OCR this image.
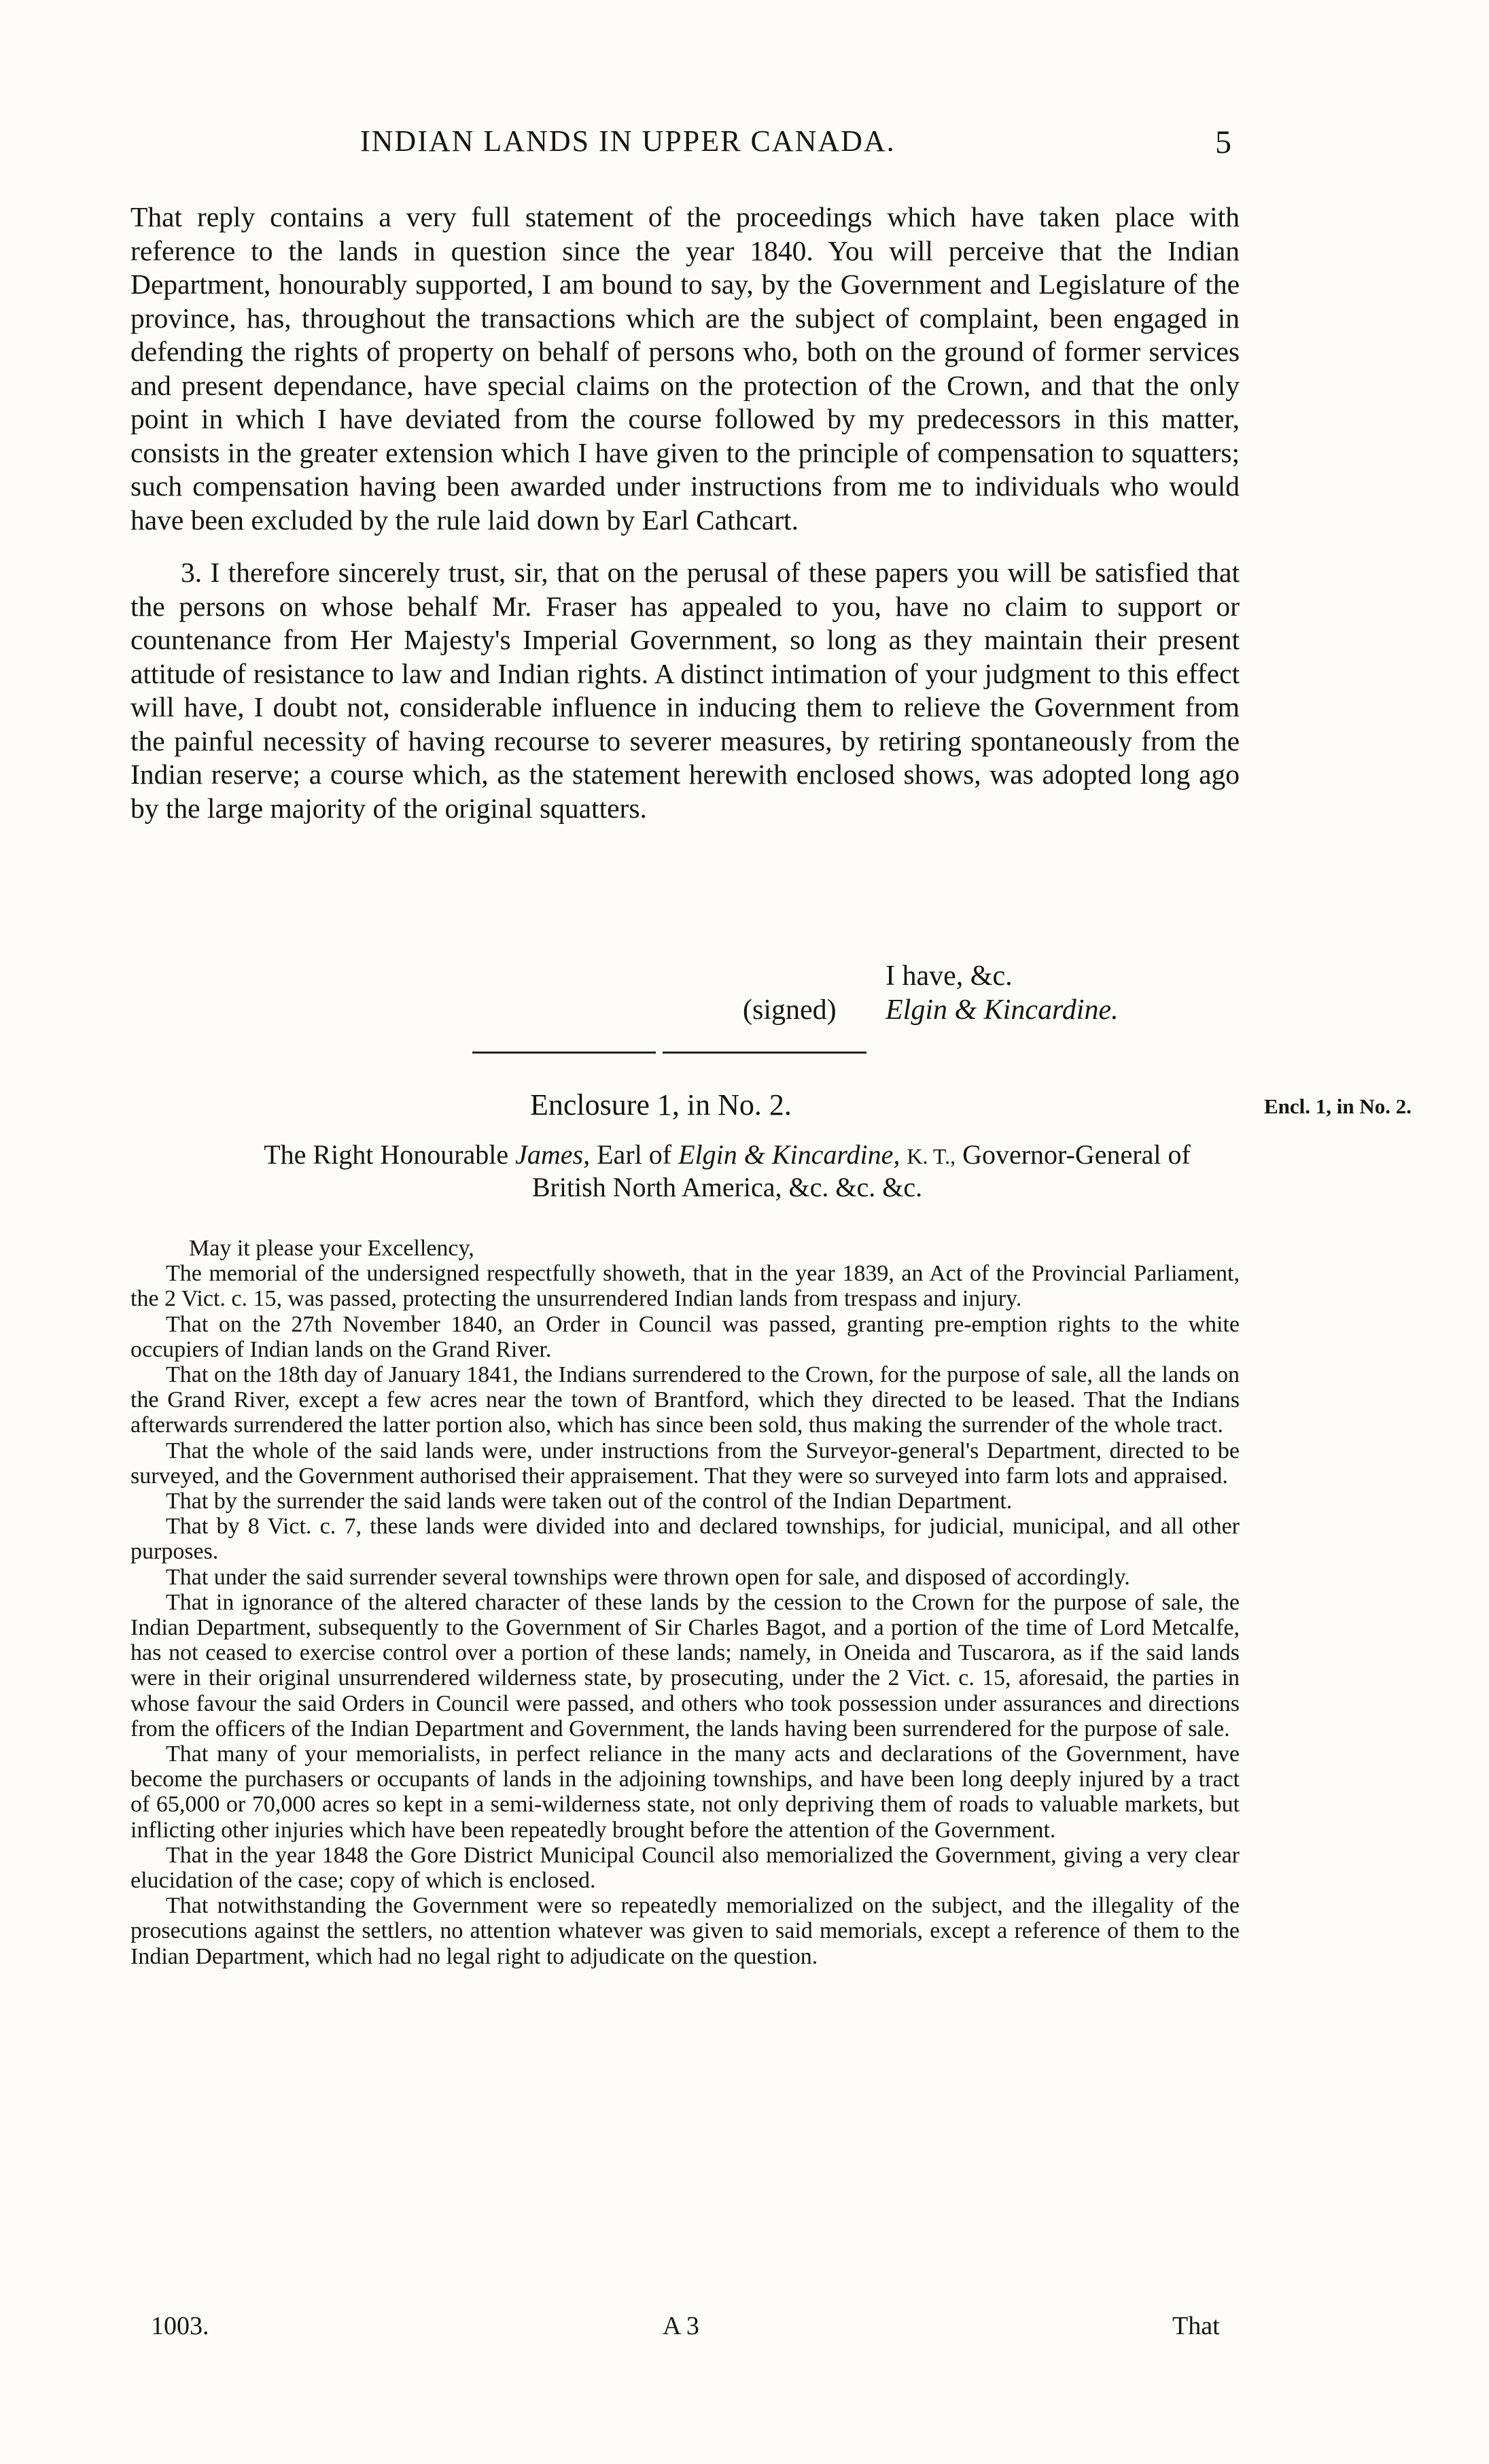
INDIAN LANDS IN UPPER CANADA.	5

That reply contains a very full statement of the proceedings which have taken place with reference to the lands in question since the year 1840. You will perceive that the Indian Department, honourably supported, I am bound to say, by the Government and Legislature of the province, has, throughout the transactions which are the subject of complaint, been engaged in defending the rights of property on behalf of persons who, both on the ground of former services and present dependance, have special claims on the protection of the Crown, and that the only point in which I have deviated from the course followed by my predecessors in this matter, consists in the greater extension which I have given to the principle of compensation to squatters; such compensation having been awarded under instructions from me to individuals who would have been excluded by the rule laid down by Earl Cathcart.

3. I therefore sincerely trust, sir, that on the perusal of these papers you will be satisfied that the persons on whose behalf Mr. Fraser has appealed to you, have no claim to support or countenance from Her Majesty's Imperial Government, so long as they maintain their present attitude of resistance to law and Indian rights. A distinct intimation of your judgment to this effect will have, I doubt not, considerable influence in inducing them to relieve the Government from the painful necessity of having recourse to severer measures, by retiring spontaneously from the Indian reserve; a course which, as the statement herewith enclosed shows, was adopted long ago by the large majority of the original squatters.

I have, &c.
(signed) Elgin & Kincardine.
Enclosure 1, in No. 2.	Encl. 1, in No. 2.
The Right Honourable James, Earl of Elgin & Kincardine, K. T., Governor-General of
British North America, &c. &c. &c.

May it please your Excellency,

The memorial of the undersigned respectfully showeth, that in the year 1839, an Act of the Provincial Parliament, the 2 Vict. c. 15, was passed, protecting the unsurrendered Indian lands from trespass and injury.

That on the 27th November 1840, an Order in Council was passed, granting pre-emption rights to the white occupiers of Indian lands on the Grand River.

That on the 18th day of January 1841, the Indians surrendered to the Crown, for the purpose of sale, all the lands on the Grand River, except a few acres near the town of Brantford, which they directed to be leased. That the Indians afterwards surrendered the latter portion also, which has since been sold, thus making the surrender of the whole tract.

That the whole of the said lands were, under instructions from the Surveyor-general's Department, directed to be surveyed, and the Government authorised their appraisement. That they were so surveyed into farm lots and appraised.

That by the surrender the said lands were taken out of the control of the Indian Department.

That by 8 Vict. c. 7, these lands were divided into and declared townships, for judicial, municipal, and all other purposes.

That under the said surrender several townships were thrown open for sale, and disposed of accordingly.

That in ignorance of the altered character of these lands by the cession to the Crown for the purpose of sale, the Indian Department, subsequently to the Government of Sir Charles Bagot, and a portion of the time of Lord Metcalfe, has not ceased to exercise control over a portion of these lands; namely, in Oneida and Tuscarora, as if the said lands were in their original unsurrendered wilderness state, by prosecuting, under the 2 Vict. c. 15, aforesaid, the parties in whose favour the said Orders in Council were passed, and others who took possession under assurances and directions from the officers of the Indian Department and Government, the lands having been surrendered for the purpose of sale.

That many of your memorialists, in perfect reliance in the many acts and declarations of the Government, have become the purchasers or occupants of lands in the adjoining townships, and have been long deeply injured by a tract of 65,000 or 70,000 acres so kept in a semi-wilderness state, not only depriving them of roads to valuable markets, but inflicting other injuries which have been repeatedly brought before the attention of the Government.

That in the year 1848 the Gore District Municipal Council also memorialized the Government, giving a very clear elucidation of the case; copy of which is enclosed.

That notwithstanding the Government were so repeatedly memorialized on the subject, and the illegality of the prosecutions against the settlers, no attention whatever was given to said memorials, except a reference of them to the Indian Department, which had no legal right to adjudicate on the question.

1003.	A 3	That
